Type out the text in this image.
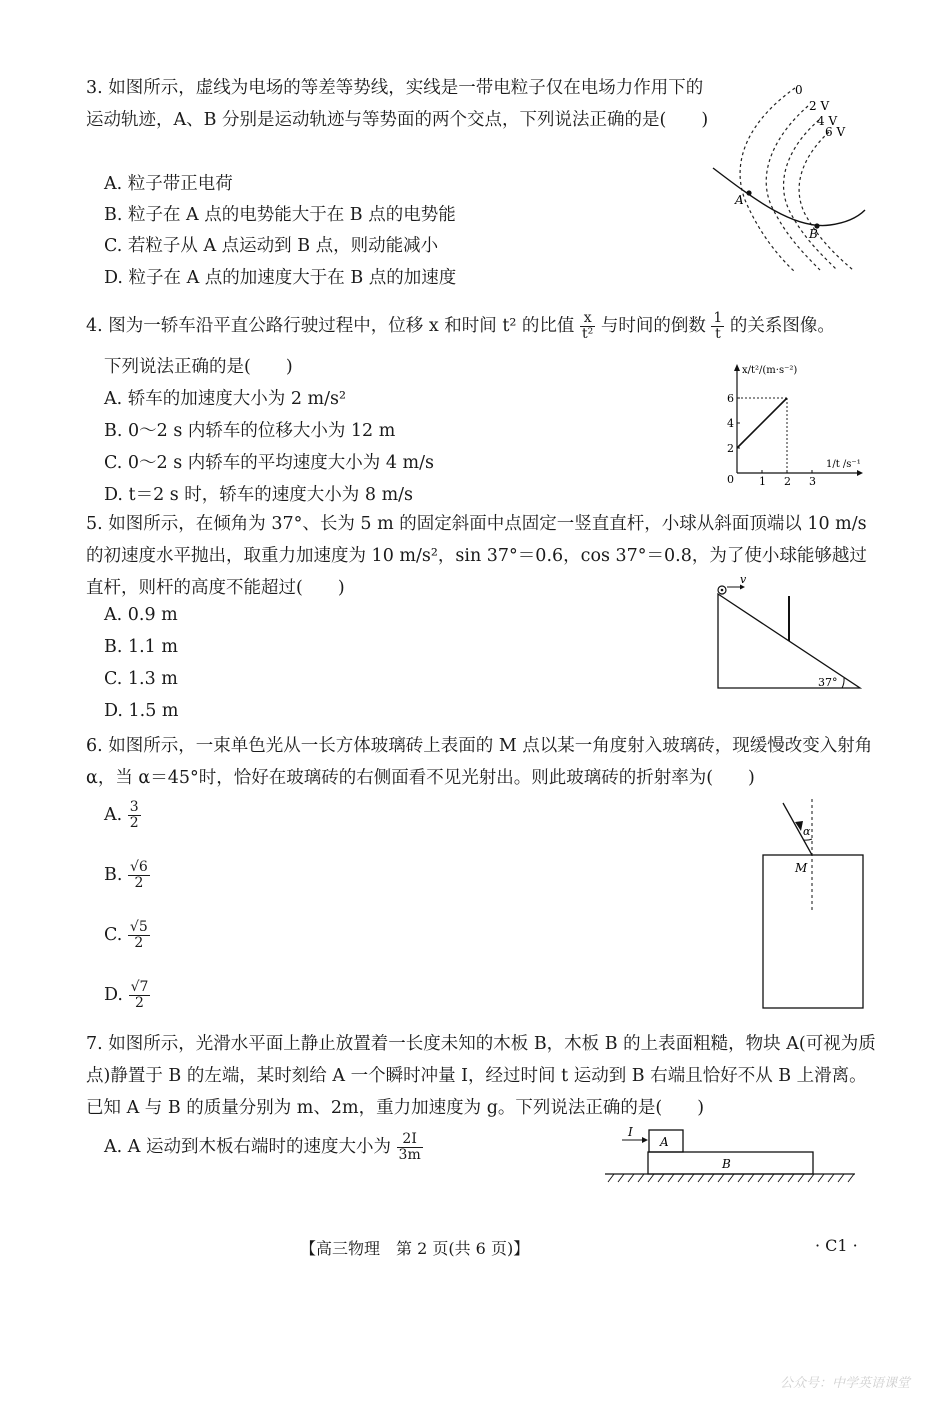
3. 如图所示，虚线为电场的等差等势线，实线是一带电粒子仅在电场力作用下的运动轨迹，A、B 分别是运动轨迹与等势面的两个交点，下列说法正确的是(　　)

A. 粒子带正电荷
B. 粒子在 A 点的电势能大于在 B 点的电势能
C. 若粒子从 A 点运动到 B 点，则动能减小
D. 粒子在 A 点的加速度大于在 B 点的加速度
0
2 V
4 V
6 V
A
B
4. 图为一轿车沿平直公路行驶过程中，位移 x 和时间 t² 的比值 $\frac{x}{\text{t²}}$ 与时间的倒数 $\frac{1}{t}$ 的关系图像。
下列说法正确的是(　　)
A. 轿车的加速度大小为 2 m/s²
B. 0～2 s 内轿车的位移大小为 12 m
C. 0～2 s 内轿车的平均速度大小为 4 m/s
D. t＝2 s 时，轿车的速度大小为 8 m/s
x/t²/(m·s⁻²)
1/t /s⁻¹
0 1 2 3
2
4
6

5. 如图所示，在倾角为 37°、长为 5 m 的固定斜面中点固定一竖直直杆，小球从斜面顶端以 10 m/s 的初速度水平抛出，取重力加速度为 10 m/s²，sin 37°＝0.6，cos 37°＝0.8，为了使小球能够越过直杆，则杆的高度不能超过(　　)

A. 0.9 m
B. 1.1 m
C. 1.3 m
D. 1.5 m
v
37°

6. 如图所示，一束单色光从一长方体玻璃砖上表面的 M 点以某一角度射入玻璃砖，现缓慢改变入射角 α，当 α＝45°时，恰好在玻璃砖的右侧面看不见光射出。则此玻璃砖的折射率为(　　)

A. $\frac{3}{2}$
B. $\frac{√6}{2}$
C. $\frac{√5}{2}$
D. $\frac{√7}{2}$
α
M

7. 如图所示，光滑水平面上静止放置着一长度未知的木板 B，木板 B 的上表面粗糙，物块 A(可视为质点)静置于 B 的左端，某时刻给 A 一个瞬时冲量 I，经过时间 t 运动到 B 右端且恰好不从 B 上滑离。已知 A 与 B 的质量分别为 m、2m，重力加速度为 g。下列说法正确的是(　　)

A. A 运动到木板右端时的速度大小为 $\frac{2I}{3m}$	I
A
B
【高三物理　第 2 页(共 6 页)】	· C1 ·
公众号：中学英语课堂
